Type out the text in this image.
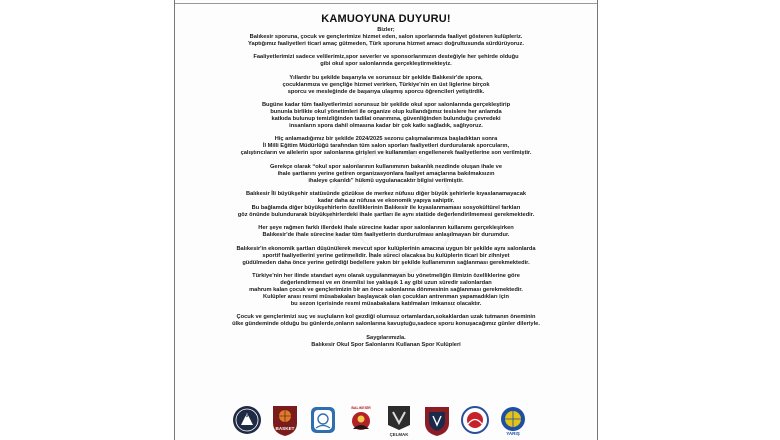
KAMUOYUNA DUYURU!

Bizler;
Balıkesir sporuna, çocuk ve gençlerimize hizmet eden, salon sporlarında faaliyet gösteren kulüpleriz.
Yaptığımız faaliyetleri ticari amaç gütmeden, Türk sporuna hizmet amacı doğrultusunda sürdürüyoruz.

Faaliyetlerimizi sadece velilerimiz,spor severler ve sponsorlarımızın desteğiyle her şehirde olduğu
gibi okul spor salonlarında gerçekleştirmekteyiz.

Yıllardır bu şekilde başarıyla ve sorunsuz bir şekilde Balıkesir'de spora,
çocuklarımıza ve gençliğe hizmet verirken, Türkiye'nin en üst liglerine birçok
sporcu ve mesleğinde de başarıya ulaşmış sporcu öğrencileri yetiştirdik.

Bugüne kadar tüm faaliyetlerimizi sorunsuz bir şekilde okul spor salonlarında gerçekleştirip
bununla birlikte okul yönetimleri ile organize olup kullandığımız tesislere her anlamda
katkıda bulunup temizliğinden tadilat onarımına, güvenliğinden bulunduğu çevredeki
insanların spora dahil olmasına kadar bir çok katkı sağladık, sağlıyoruz.

Hiç anlamadığımız bir şekilde 2024/2025 sezonu çalışmalarımıza başladıktan sonra
İl Milli Eğitim Müdürlüğü tarafından tüm salon sporları faaliyetleri durdurularak sporcuların,
çalıştırıcıların ve ailelerin spor salonlarına girişleri ve kullanımları engellenerek faaliyetlerine son verilmiştir.

Gerekçe olarak “okul spor salonlarının kullanımının bakanlık nezdinde oluşan ihale ve
ihale şartlarını yerine getiren organizasyonlara faaliyet amaçlarına bakılmaksızın
ihaleye çıkarıldı” hükmü uygulanacaktır bilgisi verilmiştir.

Balıkesir İli büyükşehir statüsünde gözükse de merkez nüfusu diğer büyük şehirlerle kıyaslanamayacak
kadar daha az nüfusa ve ekonomik yapıya sahiptir.
Bu bağlamda diğer büyükşehirlerin özelliklerinin Balıkesir ile kıyaslanmaması sosyokültürel farkları
göz önünde bulundurarak büyükşehirlerdeki ihale şartları ile aynı statüde değerlendirilmemesi gerekmektedir.

Her şeye rağmen farklı illerdeki ihale sürecine kadar spor salonlarının kullanımı gerçekleşirken
Balıkesir'de ihale sürecine kadar tüm faaliyetlerin durdurulması anlaşılmayan bir durumdur.

Balıkesir'in ekonomik şartları düşünülerek mevcut spor kulüplerinin amacına uygun bir şekilde aynı salonlarda
sportif faaliyetlerini yerine getirmelidir. İhale süreci olacaksa bu kulüplerin ticari bir zihniyet
güdülmeden daha önce yerine getirdiği bedellere yakın bir şekilde kullanımının sağlanması gerekmektedir.

Türkiye'nin her ilinde standart aynı olarak uygulanmayan bu yönetmeliğin ilimizin özelliklerine göre
değerlendirmesi ve en önemlisi ise yaklaşık 1 ay gibi uzun süredir salonlardan
mahrum kalan çocuk ve gençlerimizin bir an önce salonlarına dönmesinin sağlanması gerekmektedir.
Kulüpler arası resmi müsabakaları başlayacak olan çocukları antrenman yapamadıkları için
bu sezon içerisinde resmi müsabakalara katılmaları imkansız olacaktır.

Çocuk ve gençlerimizi suç ve suçluların kol gezdiği olumsuz ortamlardan,sokaklardan uzak tutmanın öneminin
ülke gündeminde olduğu bu günlerde,onların salonlarına kavuştuğu,sadece sporu konuşacağımız günler dileriyle.

Saygılarımızla.
Balıkesir Okul Spor Salonlarını Kullanan Spor Kulüpleri

ARKA
BASKET
BALIKESİR
ÇELMAK	YARIŞ
